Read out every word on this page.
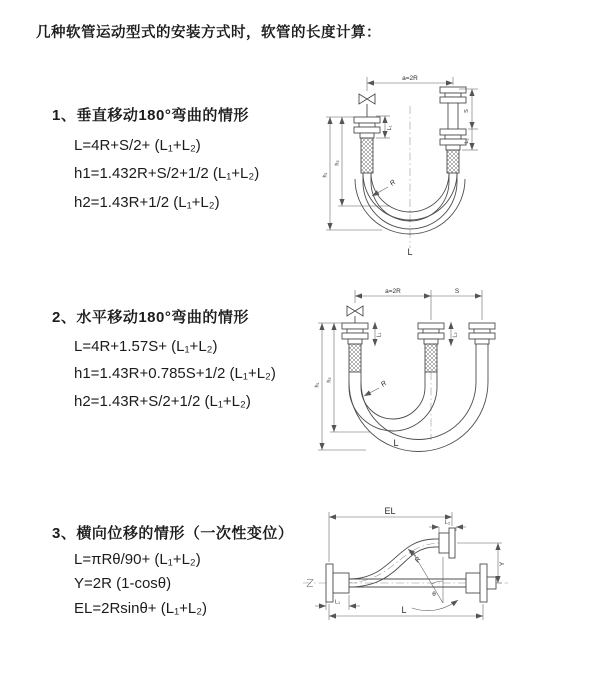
几种软管运动型式的安装方式时，软管的长度计算：
1、垂直移动180°弯曲的情形
L=4R+S/2+ (L₁+L₂)
h1=1.432R+S/2+1/2 (L₁+L₂)
h2=1.43R+1/2 (L₁+L₂)
2、水平移动180°弯曲的情形
L=4R+1.57S+ (L₁+L₂)
h1=1.43R+0.785S+1/2 (L₁+L₂)
h2=1.43R+S/2+1/2 (L₁+L₂)
3、横向位移的情形（一次性变位）
L=πRθ/90+ (L₁+L₂)
Y=2R (1-cosθ)
EL=2Rsinθ+ (L₁+L₂)
a=2R
S
L₂
L₁
h₁
h₂
R
L
a=2R	S
L₁	L₂
h₁
h₂	R
L
EL
L₂
Y
R
θ
L₁
L
